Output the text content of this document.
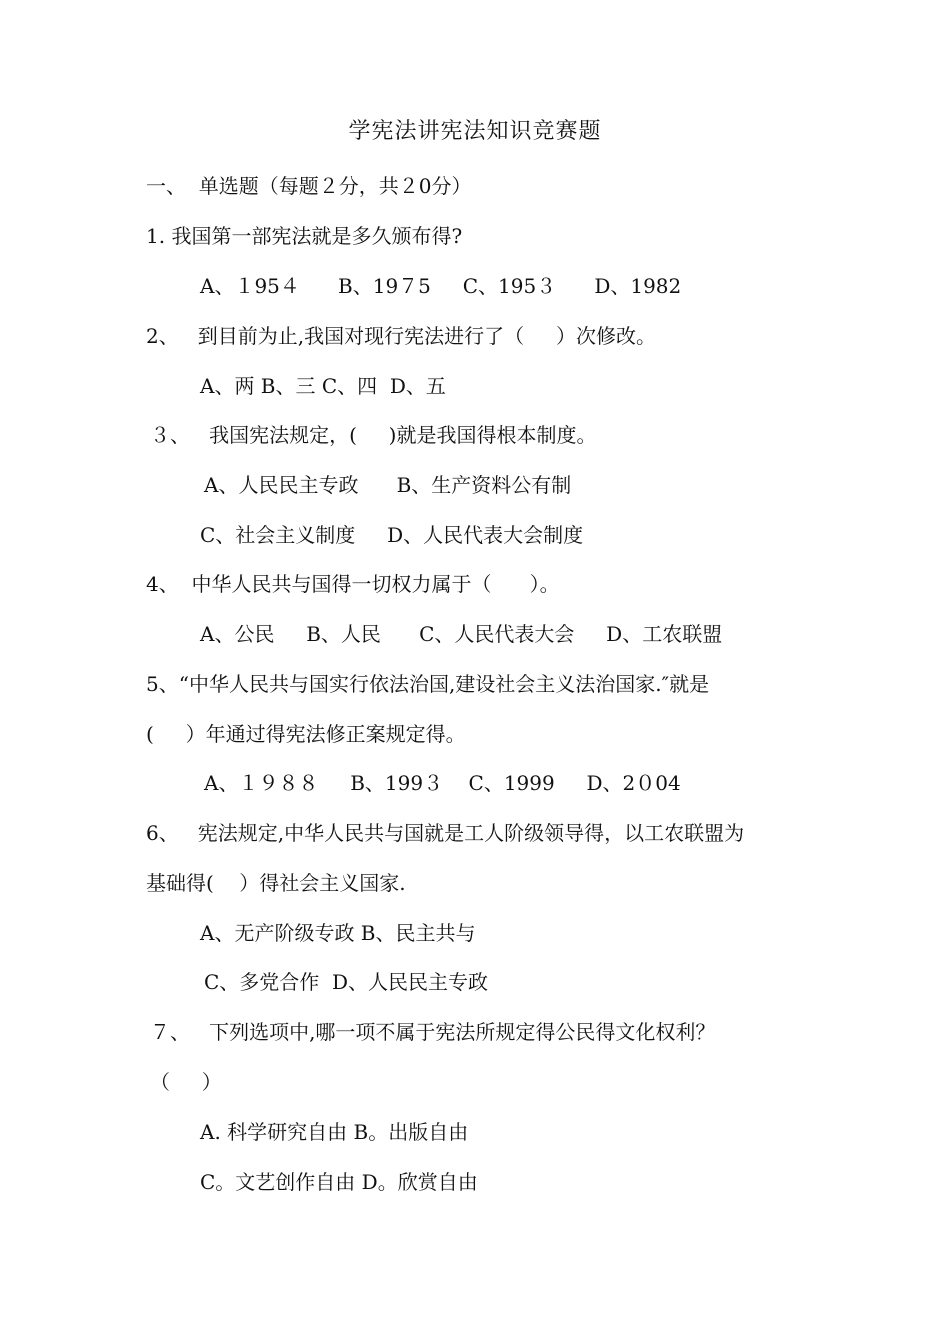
学宪法讲宪法知识竞赛题
一、  单选题（每题２分，共２0分）
1. 我国第一部宪法就是多久颁布得?
A、１95４      B、19７5     C、195３      D、1982
2、   到目前为止,我国对现行宪法进行了（     ）次修改。
A、两 B、三 C、四  D、五
３、   我国宪法规定，(     )就是我国得根本制度。
A、人民民主专政      B、生产资料公有制
C、社会主义制度     D、人民代表大会制度
4、  中华人民共与国得一切权力属于（      ）。
A、公民     B、人民      C、人民代表大会     D、工农联盟
5、“中华人民共与国实行依法治国,建设社会主义法治国家.″就是
(     ）年通过得宪法修正案规定得。
A、１９８８     B、199３    C、1999     D、2０04
6、   宪法规定,中华人民共与国就是工人阶级领导得，以工农联盟为
基础得(    ）得社会主义国家.
A、无产阶级专政 B、民主共与
C、多党合作  D、人民民主专政
７、   下列选项中,哪一项不属于宪法所规定得公民得文化权利？
（     ）
A. 科学研究自由 B。出版自由
C。文艺创作自由 D。欣赏自由
